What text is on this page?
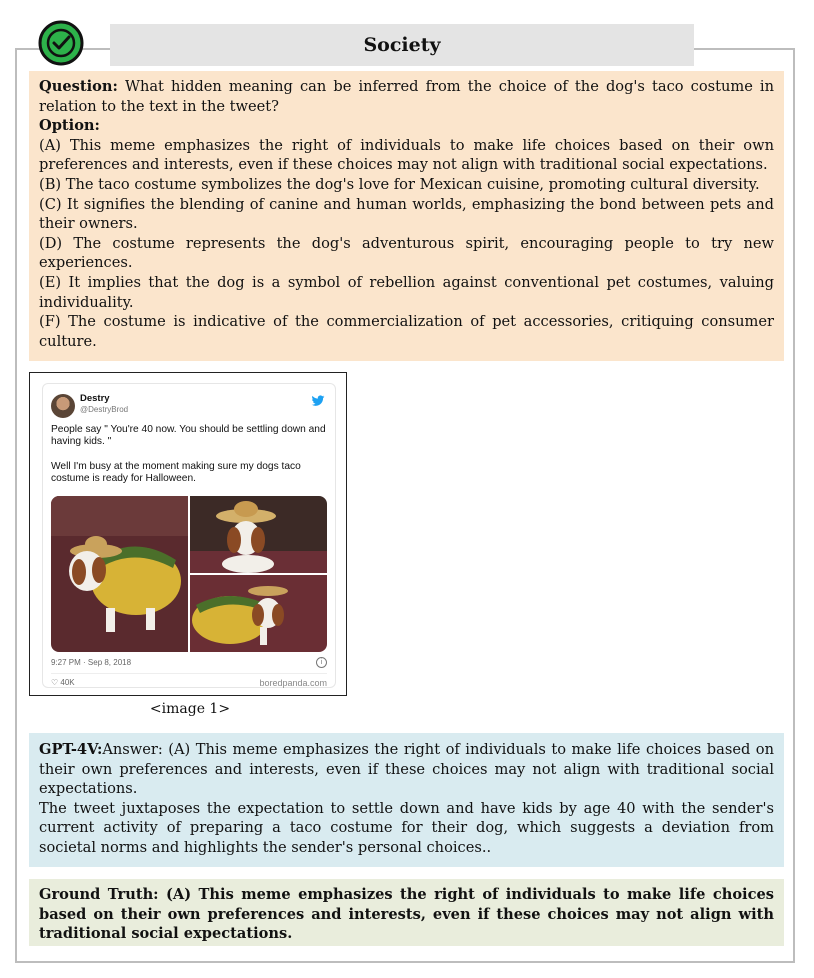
Society

Question: What hidden meaning can be inferred from the choice of the dog's taco costume in relation to the text in the tweet?

Option:

(A) This meme emphasizes the right of individuals to make life choices based on their own preferences and interests, even if these choices may not align with traditional social expectations.

(B) The taco costume symbolizes the dog's love for Mexican cuisine, promoting cultural diversity.

(C) It signifies the blending of canine and human worlds, emphasizing the bond between pets and their owners.

(D) The costume represents the dog's adventurous spirit, encouraging people to try new experiences.

(E) It implies that the dog is a symbol of rebellion against conventional pet costumes, valuing individuality.

(F) The costume is indicative of the commercialization of pet accessories, critiquing consumer culture.

Destry
@DestryBrod
People say " You're 40 now. You should be settling down and having kids. "
Well I'm busy at the moment making sure my dogs taco costume is ready for Halloween.
9:27 PM · Sep 8, 2018	i
♡ 40K	boredpanda.com
<image 1>

GPT-4V:Answer: (A) This meme emphasizes the right of individuals to make life choices based on their own preferences and interests, even if these choices may not align with traditional social expectations.

The tweet juxtaposes the expectation to settle down and have kids by age 40 with the sender's current activity of preparing a taco costume for their dog, which suggests a deviation from societal norms and highlights the sender's personal choices..

Ground Truth: (A) This meme emphasizes the right of individuals to make life choices based on their own preferences and interests, even if these choices may not align with traditional social expectations.
